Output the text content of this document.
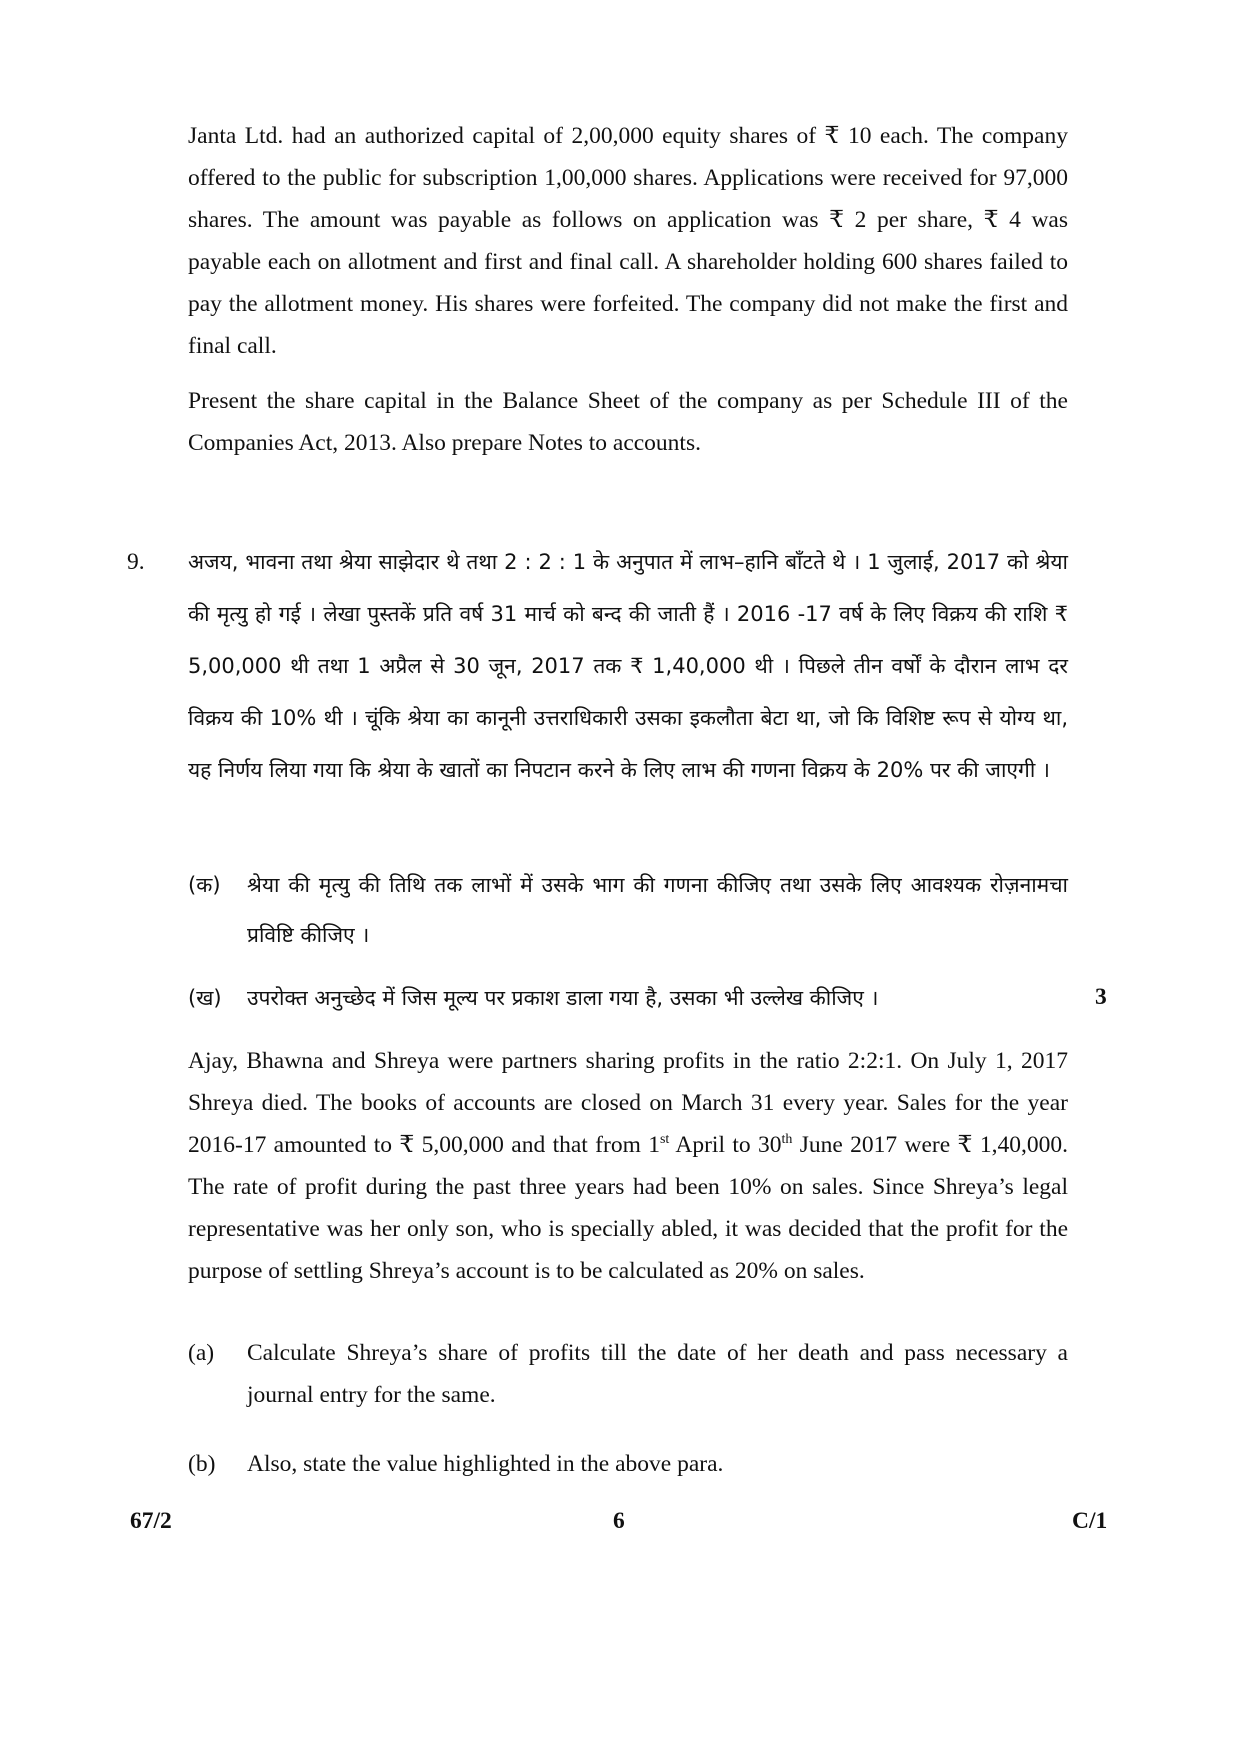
Janta Ltd. had an authorized capital of 2,00,000 equity shares of ₹ 10 each. The company offered to the public for subscription 1,00,000 shares. Applications were received for 97,000 shares. The amount was payable as follows on application was ₹ 2 per share, ₹ 4 was payable each on allotment and first and final call. A shareholder holding 600 shares failed to pay the allotment money. His shares were forfeited. The company did not make the first and final call.

Present the share capital in the Balance Sheet of the company as per Schedule III of the Companies Act, 2013. Also prepare Notes to accounts.

9. अजय, भावना तथा श्रेया साझेदार थे तथा 2 : 2 : 1 के अनुपात में लाभ–हानि बाँटते थे । 1 जुलाई, 2017 को श्रेया की मृत्यु हो गई । लेखा पुस्तकें प्रति वर्ष 31 मार्च को बन्द की जाती हैं । 2016 -17 वर्ष के लिए विक्रय की राशि ₹ 5,00,000 थी तथा 1 अप्रैल से 30 जून, 2017 तक ₹ 1,40,000 थी । पिछले तीन वर्षों के दौरान लाभ दर विक्रय की 10% थी । चूंकि श्रेया का कानूनी उत्तराधिकारी उसका इकलौता बेटा था, जो कि विशिष्ट रूप से योग्य था, यह निर्णय लिया गया कि श्रेया के खातों का निपटान करने के लिए लाभ की गणना विक्रय के 20% पर की जाएगी ।

(क) श्रेया की मृत्यु की तिथि तक लाभों में उसके भाग की गणना कीजिए तथा उसके लिए आवश्यक रोज़नामचा प्रविष्टि कीजिए ।

(ख) उपरोक्त अनुच्छेद में जिस मूल्य पर प्रकाश डाला गया है, उसका भी उल्लेख कीजिए ।	3

Ajay, Bhawna and Shreya were partners sharing profits in the ratio 2:2:1. On July 1, 2017 Shreya died. The books of accounts are closed on March 31 every year. Sales for the year 2016-17 amounted to ₹ 5,00,000 and that from 1st April to 30th June 2017 were ₹ 1,40,000. The rate of profit during the past three years had been 10% on sales. Since Shreya’s legal representative was her only son, who is specially abled, it was decided that the profit for the purpose of settling Shreya’s account is to be calculated as 20% on sales.

(a) Calculate Shreya’s share of profits till the date of her death and pass necessary a journal entry for the same.

(b) Also, state the value highlighted in the above para.

67/2	6	C/1
